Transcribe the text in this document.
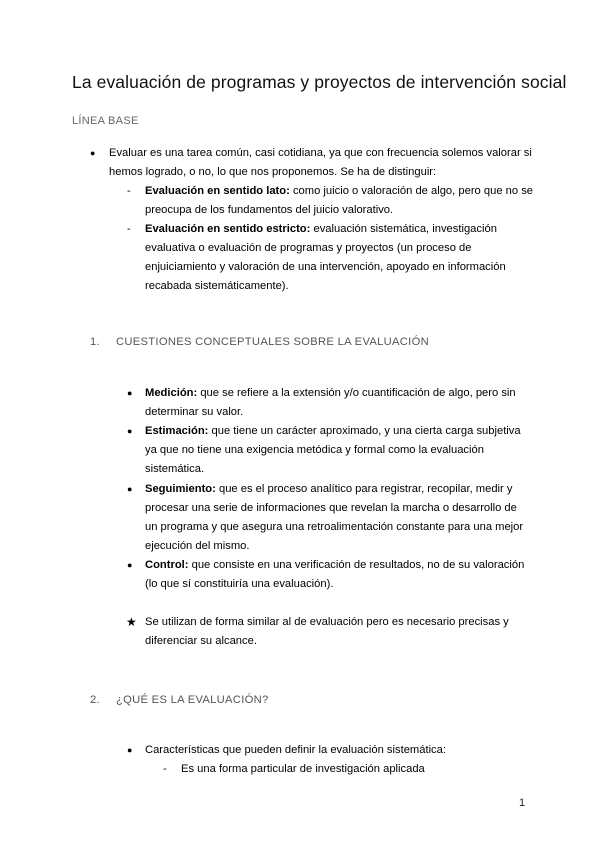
La evaluación de programas y proyectos de intervención social
LÍNEA BASE
● Evaluar es una tarea común, casi cotidiana, ya que con frecuencia solemos valorar si hemos logrado, o no, lo que nos proponemos. Se ha de distinguir:
- Evaluación en sentido lato: como juicio o valoración de algo, pero que no se preocupa de los fundamentos del juicio valorativo.
- Evaluación en sentido estricto: evaluación sistemática, investigación evaluativa o evaluación de programas y proyectos (un proceso de enjuiciamiento y valoración de una intervención, apoyado en información recabada sistemáticamente).
1. CUESTIONES CONCEPTUALES SOBRE LA EVALUACIÓN
● Medición: que se refiere a la extensión y/o cuantificación de algo, pero sin determinar su valor.
● Estimación: que tiene un carácter aproximado, y una cierta carga subjetiva ya que no tiene una exigencia metódica y formal como la evaluación sistemática.
● Seguimiento: que es el proceso analítico para registrar, recopilar, medir y procesar una serie de informaciones que revelan la marcha o desarrollo de un programa y que asegura una retroalimentación constante para una mejor ejecución del mismo.
● Control: que consiste en una verificación de resultados, no de su valoración (lo que sí constituiría una evaluación).
★ Se utilizan de forma similar al de evaluación pero es necesario precisas y diferenciar su alcance.
2. ¿QUÉ ES LA EVALUACIÓN?
● Características que pueden definir la evaluación sistemática:
- Es una forma particular de investigación aplicada
1
